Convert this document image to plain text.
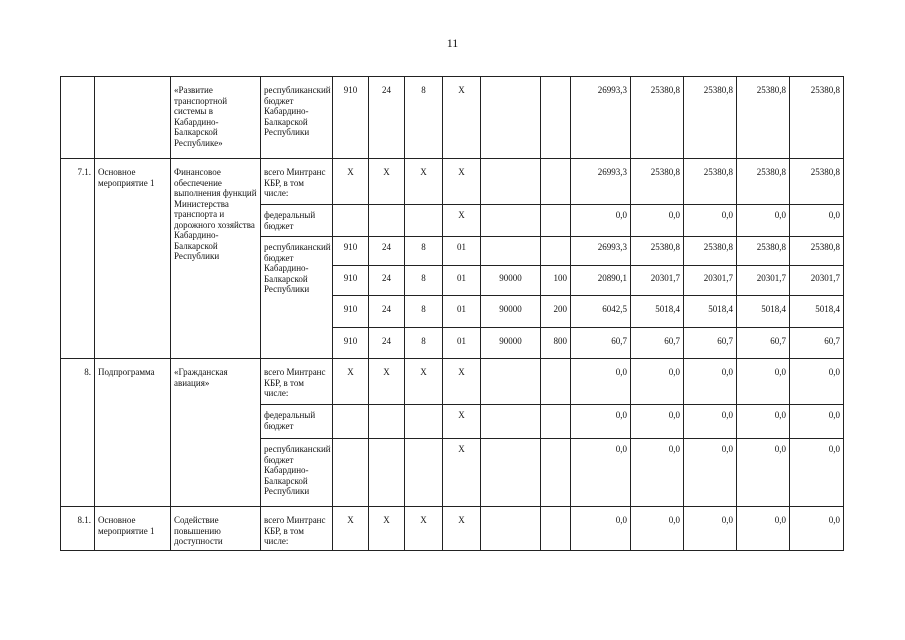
11
		«Развитие транспортной системы в Кабардино-Балкарской Республике»	республиканский бюджет Кабардино-Балкарской Республики	910	24	8	X			26993,3	25380,8	25380,8	25380,8	25380,8
7.1.	Основное мероприятие 1	Финансовое обеспечение выполнения функций Министерства транспорта и дорожного хозяйства Кабардино-Балкарской Республики	всего Минтранс КБР, в том числе:	X	X	X	X			26993,3	25380,8	25380,8	25380,8	25380,8
			федеральный бюджет				X			0,0	0,0	0,0	0,0	0,0
			республиканский бюджет Кабардино-Балкарской Республики	910	24	8	01			26993,3	25380,8	25380,8	25380,8	25380,8
				910	24	8	01	90000	100	20890,1	20301,7	20301,7	20301,7	20301,7
				910	24	8	01	90000	200	6042,5	5018,4	5018,4	5018,4	5018,4
				910	24	8	01	90000	800	60,7	60,7	60,7	60,7	60,7
8.	Подпрограмма	«Гражданская авиация»	всего Минтранс КБР, в том числе:	X	X	X	X			0,0	0,0	0,0	0,0	0,0
			федеральный бюджет				X			0,0	0,0	0,0	0,0	0,0
			республиканский бюджет Кабардино-Балкарской Республики				X			0,0	0,0	0,0	0,0	0,0
8.1.	Основное мероприятие 1	Содействие повышению доступности	всего Минтранс КБР, в том числе:	X	X	X	X			0,0	0,0	0,0	0,0	0,0
